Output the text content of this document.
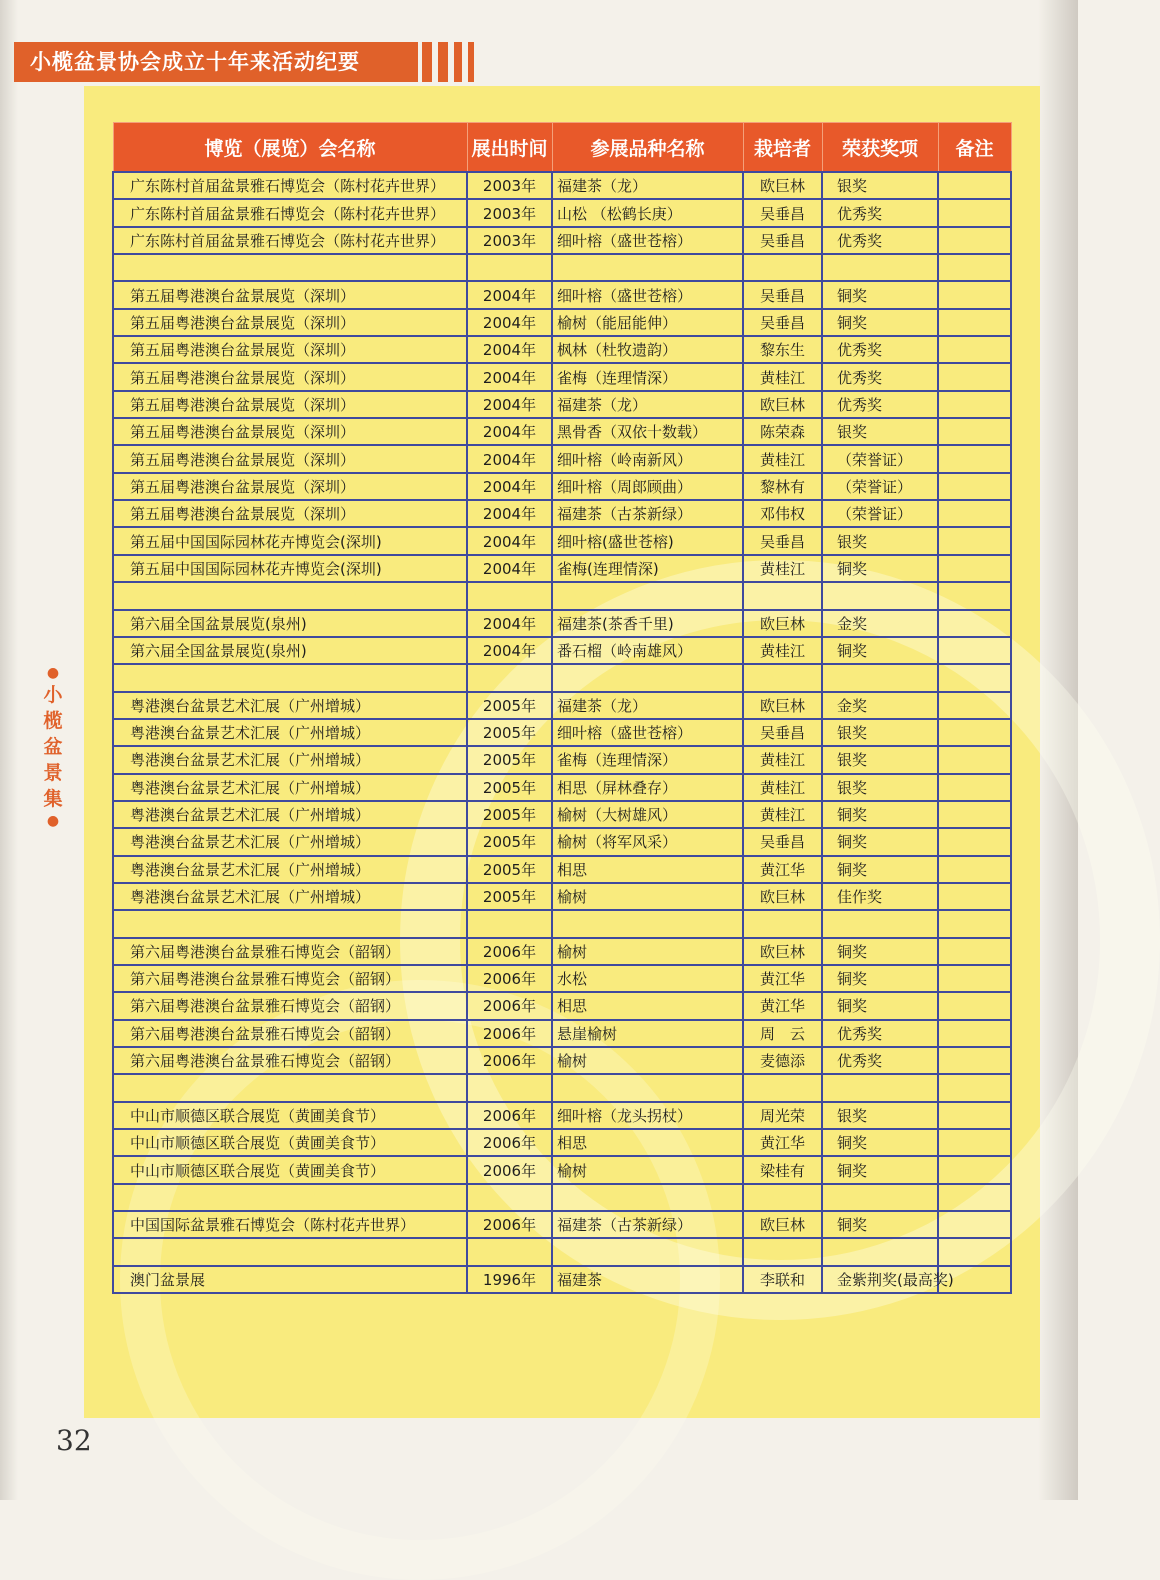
小榄盆景协会成立十年来活动纪要
博览（展览）会名称	展出时间	参展品种名称	栽培者	荣获奖项	备注
广东陈村首届盆景雅石博览会（陈村花卉世界）	2003年	福建茶（龙）	欧巨林	银奖	
广东陈村首届盆景雅石博览会（陈村花卉世界）	2003年	山松 （松鹤长庚）	吴垂昌	优秀奖	
广东陈村首届盆景雅石博览会（陈村花卉世界）	2003年	细叶榕（盛世苍榕）	吴垂昌	优秀奖	

第五届粤港澳台盆景展览（深圳）	2004年	细叶榕（盛世苍榕）	吴垂昌	铜奖	
第五届粤港澳台盆景展览（深圳）	2004年	榆树（能屈能伸）	吴垂昌	铜奖	
第五届粤港澳台盆景展览（深圳）	2004年	枫林（杜牧遗韵）	黎东生	优秀奖	
第五届粤港澳台盆景展览（深圳）	2004年	雀梅（连理情深）	黄桂江	优秀奖	
第五届粤港澳台盆景展览（深圳）	2004年	福建茶（龙）	欧巨林	优秀奖	
第五届粤港澳台盆景展览（深圳）	2004年	黑骨香（双依十数载）	陈荣森	银奖	
第五届粤港澳台盆景展览（深圳）	2004年	细叶榕（岭南新风）	黄桂江	（荣誉证）	
第五届粤港澳台盆景展览（深圳）	2004年	细叶榕（周郎顾曲）	黎林有	（荣誉证）	
第五届粤港澳台盆景展览（深圳）	2004年	福建茶（古茶新绿）	邓伟权	（荣誉证）	
第五届中国国际园林花卉博览会(深圳)	2004年	细叶榕(盛世苍榕)	吴垂昌	银奖	
第五届中国国际园林花卉博览会(深圳)	2004年	雀梅(连理情深)	黄桂江	铜奖	

第六届全国盆景展览(泉州)	2004年	福建茶(茶香千里)	欧巨林	金奖	
第六届全国盆景展览(泉州)	2004年	番石榴（岭南雄风）	黄桂江	铜奖	

粤港澳台盆景艺术汇展（广州增城）	2005年	福建茶（龙）	欧巨林	金奖	
粤港澳台盆景艺术汇展（广州增城）	2005年	细叶榕（盛世苍榕）	吴垂昌	银奖	
粤港澳台盆景艺术汇展（广州增城）	2005年	雀梅（连理情深）	黄桂江	银奖	
粤港澳台盆景艺术汇展（广州增城）	2005年	相思（屏林叠存）	黄桂江	银奖	
粤港澳台盆景艺术汇展（广州增城）	2005年	榆树（大树雄风）	黄桂江	铜奖	
粤港澳台盆景艺术汇展（广州增城）	2005年	榆树（将军风采）	吴垂昌	铜奖	
粤港澳台盆景艺术汇展（广州增城）	2005年	相思	黄江华	铜奖	
粤港澳台盆景艺术汇展（广州增城）	2005年	榆树	欧巨林	佳作奖	

第六届粤港澳台盆景雅石博览会（韶钢）	2006年	榆树	欧巨林	铜奖	
第六届粤港澳台盆景雅石博览会（韶钢）	2006年	水松	黄江华	铜奖	
第六届粤港澳台盆景雅石博览会（韶钢）	2006年	相思	黄江华	铜奖	
第六届粤港澳台盆景雅石博览会（韶钢）	2006年	悬崖榆树	周　云	优秀奖	
第六届粤港澳台盆景雅石博览会（韶钢）	2006年	榆树	麦德添	优秀奖	

中山市顺德区联合展览（黄圃美食节）	2006年	细叶榕（龙头拐杖）	周光荣	银奖	
中山市顺德区联合展览（黄圃美食节）	2006年	相思	黄江华	铜奖	
中山市顺德区联合展览（黄圃美食节）	2006年	榆树	梁桂有	铜奖	

中国国际盆景雅石博览会（陈村花卉世界）	2006年	福建茶（古茶新绿）	欧巨林	铜奖	

澳门盆景展	1996年	福建茶	李联和	金紫荆奖(最高奖)	
●
小
榄
盆
景
集
●
32
